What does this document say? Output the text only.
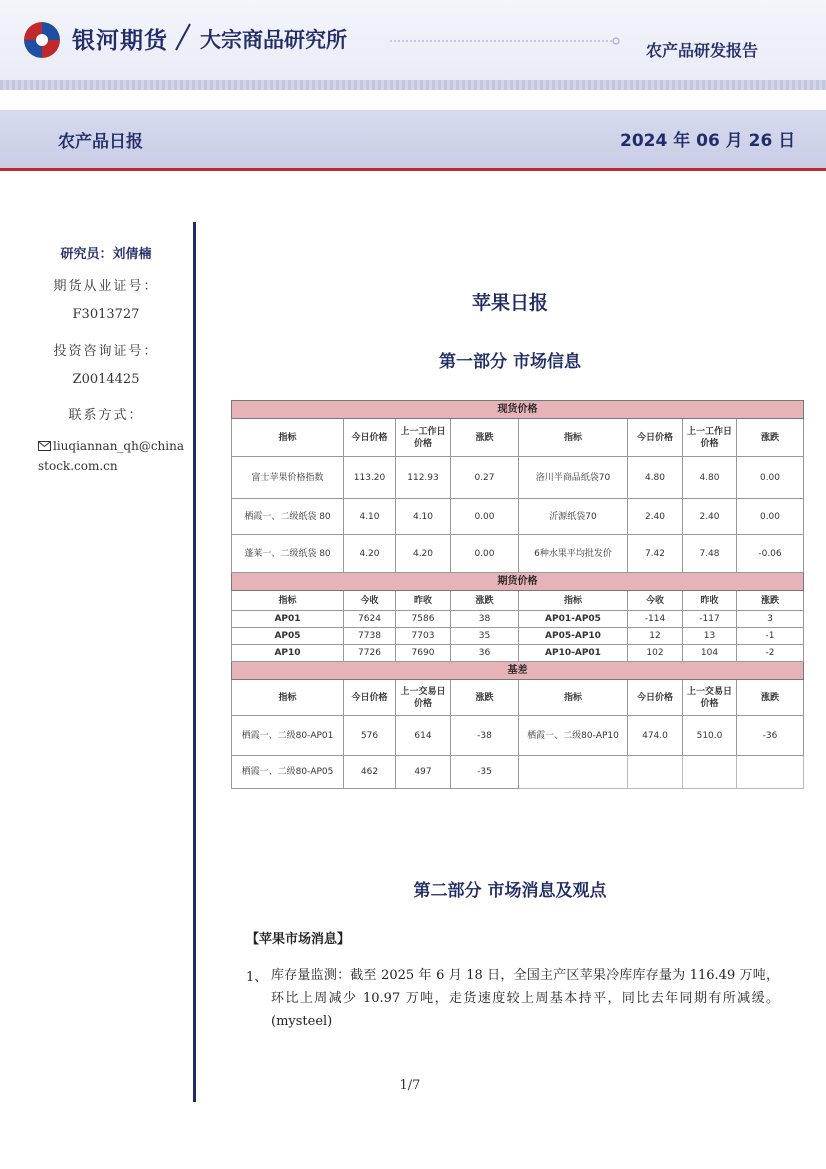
银河期货 大宗商品研究所	农产品研发报告
农产品日报	2024 年 06 月 26 日
研究员：刘倩楠
期货从业证号：
F3013727
投资咨询证号：
Z0014425
联系方式：
liuqiannan_qh@chinastock.com.cn
苹果日报
第一部分 市场信息
现货价格							
指标	今日价格	上一工作日价格	涨跌	指标	今日价格	上一工作日价格	涨跌
富士苹果价格指数	113.20	112.93	0.27	洛川半商品纸袋70	4.80	4.80	0.00
栖霞一、二级纸袋 80	4.10	4.10	0.00	沂源纸袋70	2.40	2.40	0.00
蓬莱一、二级纸袋 80	4.20	4.20	0.00	6种水果平均批发价	7.42	7.48	-0.06
期货价格							
指标	今收	昨收	涨跌	指标	今收	昨收	涨跌
AP01	7624	7586	38	AP01-AP05	-114	-117	3
AP05	7738	7703	35	AP05-AP10	12	13	-1
AP10	7726	7690	36	AP10-AP01	102	104	-2
基差							
指标	今日价格	上一交易日价格	涨跌	指标	今日价格	上一交易日价格	涨跌
栖霞一、二级80-AP01	576	614	-38	栖霞一、二级80-AP10	474.0	510.0	-36
栖霞一、二级80-AP05	462	497	-35				
第二部分 市场消息及观点
【苹果市场消息】
1、 库存量监测：截至 2025 年 6 月 18 日，全国主产区苹果冷库库存量为 116.49 万吨，环比上周减少 10.97 万吨，走货速度较上周基本持平，同比去年同期有所减缓。(mysteel)
1/7
